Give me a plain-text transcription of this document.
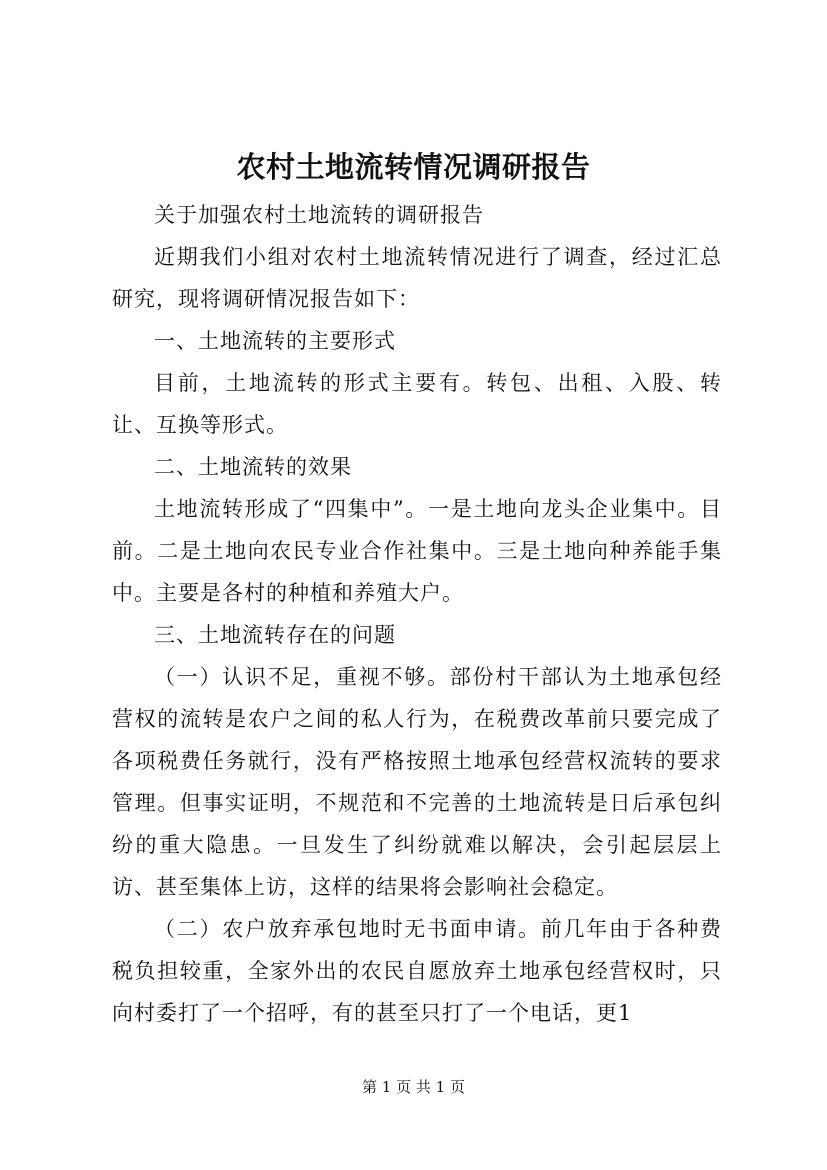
农村土地流转情况调研报告

关于加强农村土地流转的调研报告

近期我们小组对农村土地流转情况进行了调查，经过汇总研究，现将调研情况报告如下：

一、土地流转的主要形式

目前，土地流转的形式主要有。转包、出租、入股、转让、互换等形式。

二、土地流转的效果

土地流转形成了“四集中”。一是土地向龙头企业集中。目前。二是土地向农民专业合作社集中。三是土地向种养能手集中。主要是各村的种植和养殖大户。

三、土地流转存在的问题

（一）认识不足，重视不够。部份村干部认为土地承包经营权的流转是农户之间的私人行为，在税费改革前只要完成了各项税费任务就行，没有严格按照土地承包经营权流转的要求管理。但事实证明，不规范和不完善的土地流转是日后承包纠纷的重大隐患。一旦发生了纠纷就难以解决，会引起层层上访、甚至集体上访，这样的结果将会影响社会稳定。

（二）农户放弃承包地时无书面申请。前几年由于各种费税负担较重，全家外出的农民自愿放弃土地承包经营权时，只向村委打了一个招呼，有的甚至只打了一个电话，更1

第 1 页 共 1 页
